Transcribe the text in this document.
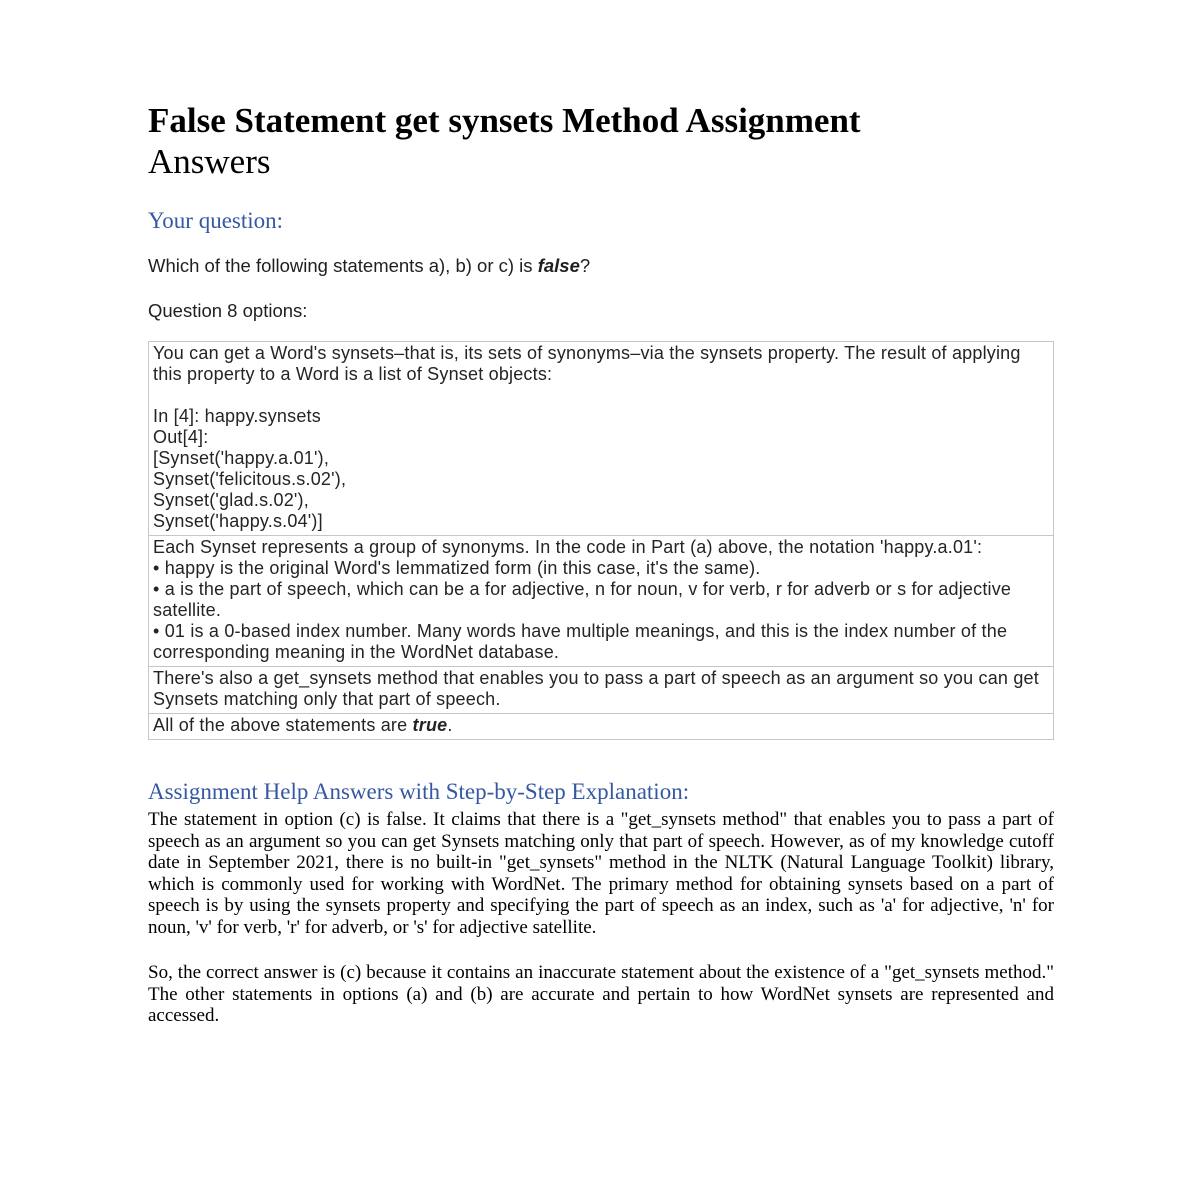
False Statement get synsets Method Assignment Answers
Your question:

Which of the following statements a), b) or c) is false?

Question 8 options:

You can get a Word's synsets–that is, its sets of synonyms–via the synsets property. The result of applying this property to a Word is a list of Synset objects:
In [4]: happy.synsets
Out[4]:
[Synset('happy.a.01'),
Synset('felicitous.s.02'),
Synset('glad.s.02'),
Synset('happy.s.04')]
Each Synset represents a group of synonyms. In the code in Part (a) above, the notation 'happy.a.01':
• happy is the original Word's lemmatized form (in this case, it's the same).
• a is the part of speech, which can be a for adjective, n for noun, v for verb, r for adverb or s for adjective satellite.
• 01 is a 0-based index number. Many words have multiple meanings, and this is the index number of the corresponding meaning in the WordNet database.
There's also a get_synsets method that enables you to pass a part of speech as an argument so you can get Synsets matching only that part of speech.
All of the above statements are true.
Assignment Help Answers with Step-by-Step Explanation:

The statement in option (c) is false. It claims that there is a "get_synsets method" that enables you to pass a part of speech as an argument so you can get Synsets matching only that part of speech. However, as of my knowledge cutoff date in September 2021, there is no built-in "get_synsets" method in the NLTK (Natural Language Toolkit) library, which is commonly used for working with WordNet. The primary method for obtaining synsets based on a part of speech is by using the synsets property and specifying the part of speech as an index, such as 'a' for adjective, 'n' for noun, 'v' for verb, 'r' for adverb, or 's' for adjective satellite.

So, the correct answer is (c) because it contains an inaccurate statement about the existence of a "get_synsets method." The other statements in options (a) and (b) are accurate and pertain to how WordNet synsets are represented and accessed.
